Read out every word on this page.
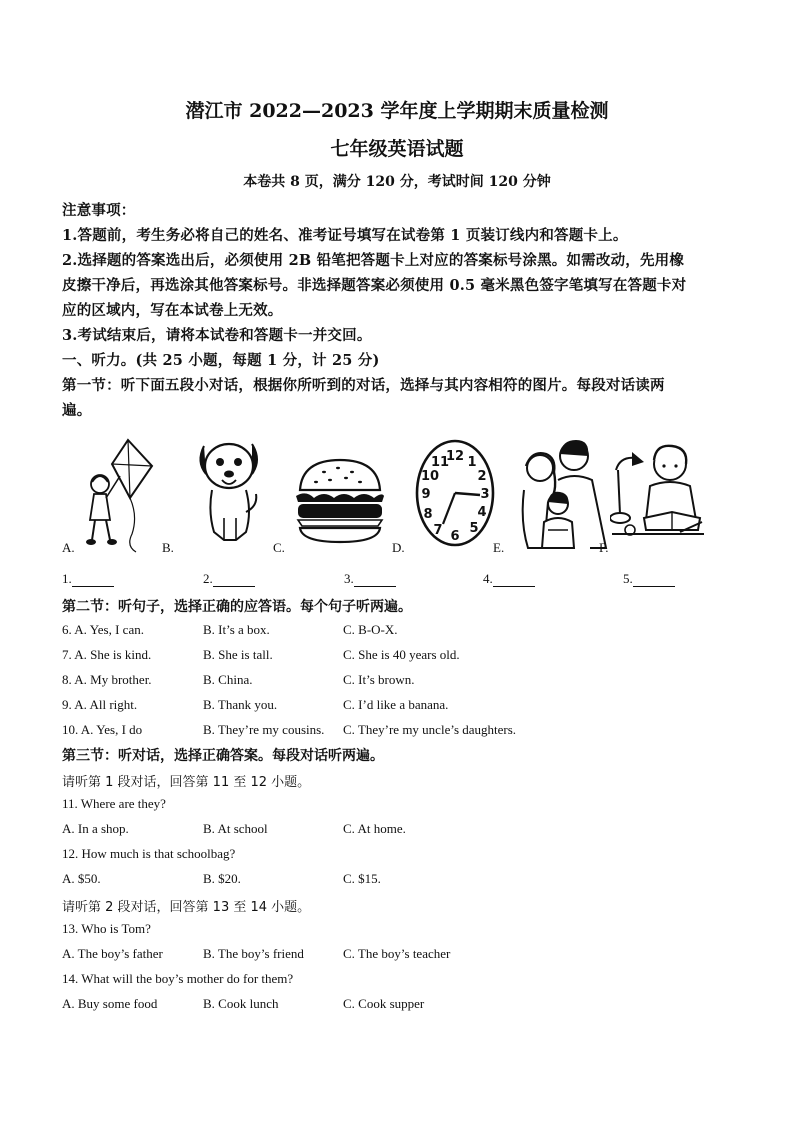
潜江市 2022—2023 学年度上学期期末质量检测
七年级英语试题
本卷共 8 页，满分 120 分，考试时间 120 分钟
注意事项：
1.答题前，考生务必将自己的姓名、准考证号填写在试卷第 1 页装订线内和答题卡上。
2.选择题的答案选出后，必须使用 2B 铅笔把答题卡上对应的答案标号涂黑。如需改动，先用橡
皮擦干净后，再选涂其他答案标号。非选择题答案必须使用 0.5 毫米黑色签字笔填写在答题卡对
应的区域内，写在本试卷上无效。
3.考试结束后，请将本试卷和答题卡一并交回。
一、听力。(共 25 小题，每题 1 分，计 25 分)
第一节：听下面五段小对话，根据你所听到的对话，选择与其内容相符的图片。每段对话读两
遍。
A.	B.	C.	D.
12 1
2
3
4
5
6
7
8
9
10
11
E.	F.
1.	2.	3.	4.	5.
第二节：听句子，选择正确的应答语。每个句子听两遍。
6. A. Yes, I can.	B. It’s a box.	C. B-O-X.
7. A. She is kind.	B. She is tall.	C. She is 40 years old.
8. A. My brother.	B. China.	C. It’s brown.
9. A. All right.	B. Thank you.	C. I’d like a banana.
10. A. Yes, I do	B. They’re my cousins. C. They’re my uncle’s daughters.
第三节：听对话，选择正确答案。每段对话听两遍。
请听第 1 段对话，回答第 11 至 12 小题。
11. Where are they?
A. In a shop.	B. At school	C. At home.
12. How much is that schoolbag?
A. $50.	B. $20.	C. $15.
请听第 2 段对话，回答第 13 至 14 小题。
13. Who is Tom?
A. The boy’s father	B. The boy’s friend	C. The boy’s teacher
14. What will the boy’s mother do for them?
A. Buy some food	B. Cook lunch	C. Cook supper
